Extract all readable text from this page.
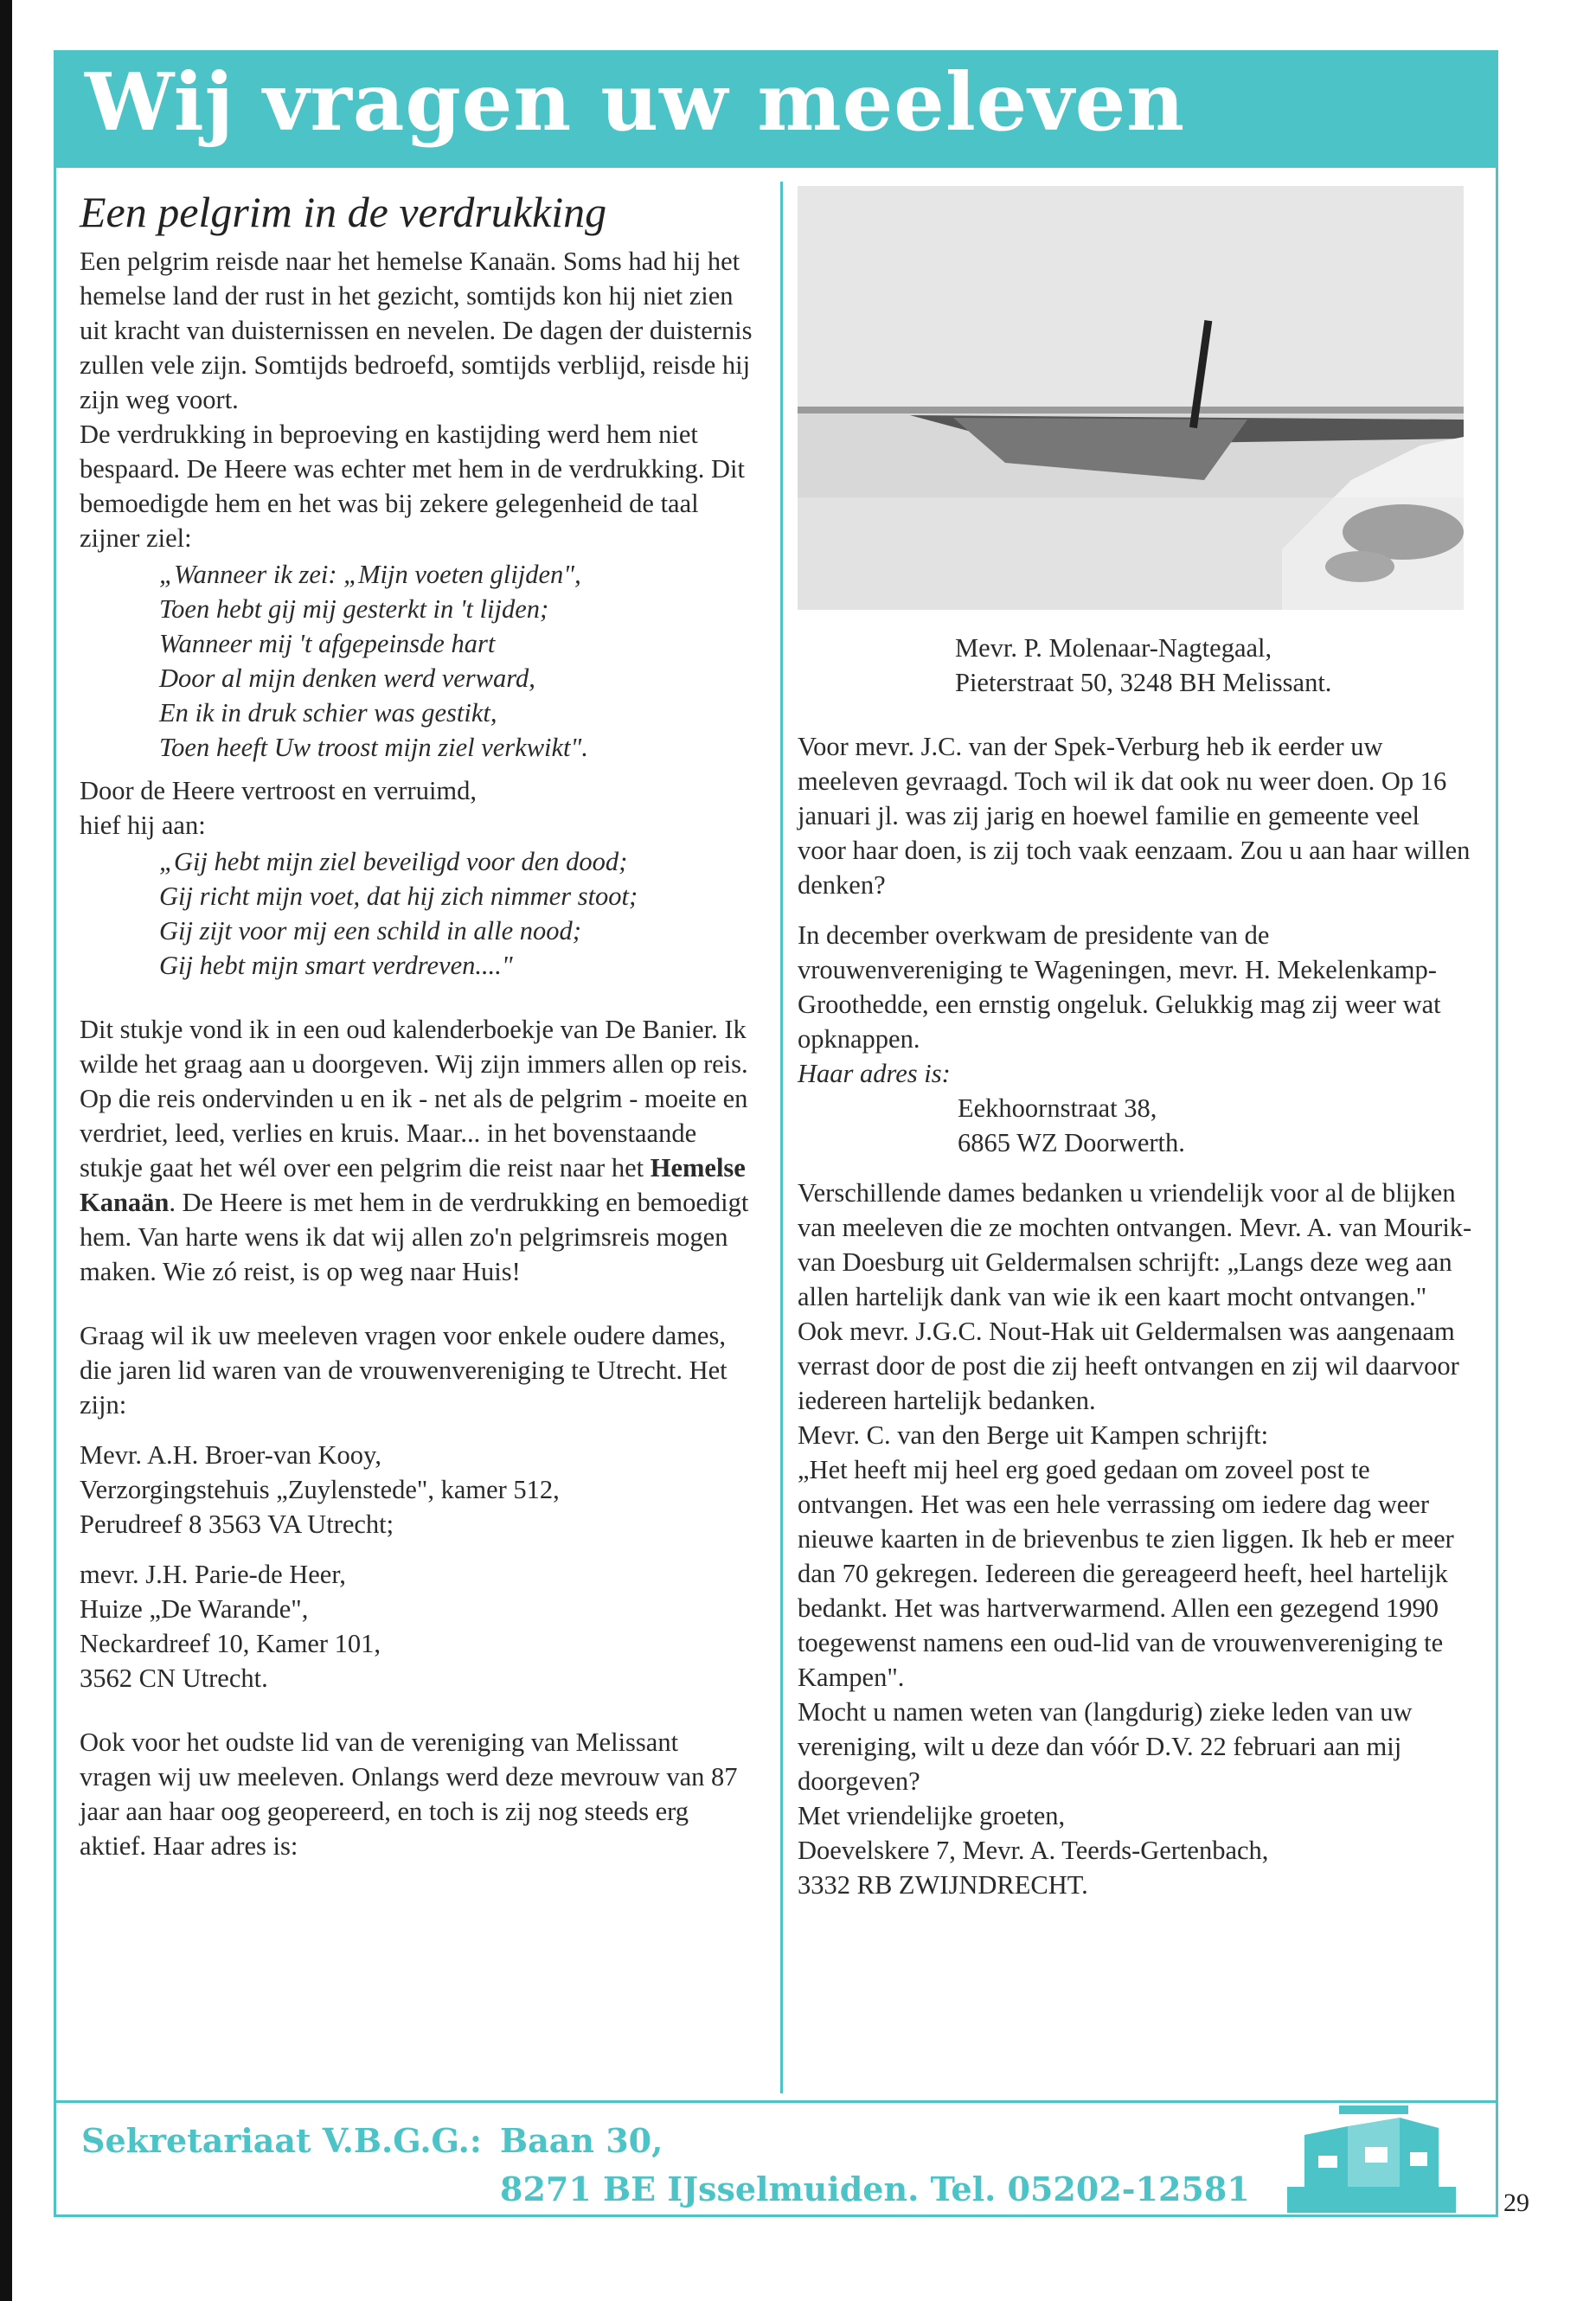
Wij vragen uw meeleven
Een pelgrim in de verdrukking

Een pelgrim reisde naar het hemelse Kanaän. Soms had hij het hemelse land der rust in het gezicht, somtijds kon hij niet zien uit kracht van duisternissen en nevelen. De dagen der duisternis zullen vele zijn. Somtijds bedroefd, somtijds verblijd, reisde hij zijn weg voort.

De verdrukking in beproeving en kastijding werd hem niet bespaard. De Heere was echter met hem in de verdrukking. Dit bemoedigde hem en het was bij zekere gelegenheid de taal zijner ziel:

„Wanneer ik zei: „Mijn voeten glijden",
Toen hebt gij mij gesterkt in 't lijden;
Wanneer mij 't afgepeinsde hart
Door al mijn denken werd verward,
En ik in druk schier was gestikt,
Toen heeft Uw troost mijn ziel verkwikt".

Door de Heere vertroost en verruimd,

hief hij aan:

„Gij hebt mijn ziel beveiligd voor den dood;
Gij richt mijn voet, dat hij zich nimmer stoot;
Gij zijt voor mij een schild in alle nood;
Gij hebt mijn smart verdreven...."

Dit stukje vond ik in een oud kalenderboekje van De Banier. Ik wilde het graag aan u doorgeven. Wij zijn immers allen op reis. Op die reis ondervinden u en ik - net als de pelgrim - moeite en verdriet, leed, verlies en kruis. Maar... in het bovenstaande stukje gaat het wél over een pelgrim die reist naar het Hemelse Kanaän. De Heere is met hem in de verdrukking en bemoedigt hem. Van harte wens ik dat wij allen zo'n pelgrimsreis mogen maken. Wie zó reist, is op weg naar Huis!

Graag wil ik uw meeleven vragen voor enkele oudere dames, die jaren lid waren van de vrouwenvereniging te Utrecht. Het zijn:

Mevr. A.H. Broer-van Kooy,
Verzorgingstehuis „Zuylenstede", kamer 512,
Perudreef 8 3563 VA Utrecht;
mevr. J.H. Parie-de Heer,
Huize „De Warande",
Neckardreef 10, Kamer 101,
3562 CN Utrecht.

Ook voor het oudste lid van de vereniging van Melissant vragen wij uw meeleven. Onlangs werd deze mevrouw van 87 jaar aan haar oog geopereerd, en toch is zij nog steeds erg aktief. Haar adres is:

Mevr. P. Molenaar-Nagtegaal,
Pieterstraat 50, 3248 BH Melissant.

Voor mevr. J.C. van der Spek-Verburg heb ik eerder uw meeleven gevraagd. Toch wil ik dat ook nu weer doen. Op 16 januari jl. was zij jarig en hoewel familie en gemeente veel voor haar doen, is zij toch vaak eenzaam. Zou u aan haar willen denken?

In december overkwam de presidente van de vrouwenvereniging te Wageningen, mevr. H. Mekelenkamp-Groothedde, een ernstig ongeluk. Gelukkig mag zij weer wat opknappen.

Haar adres is:

Eekhoornstraat 38,
6865 WZ Doorwerth.

Verschillende dames bedanken u vriendelijk voor al de blijken van meeleven die ze mochten ontvangen. Mevr. A. van Mourik-van Doesburg uit Geldermalsen schrijft: „Langs deze weg aan allen hartelijk dank van wie ik een kaart mocht ontvangen."

Ook mevr. J.G.C. Nout-Hak uit Geldermalsen was aangenaam verrast door de post die zij heeft ontvangen en zij wil daarvoor iedereen hartelijk bedanken.

Mevr. C. van den Berge uit Kampen schrijft:

„Het heeft mij heel erg goed gedaan om zoveel post te ontvangen. Het was een hele verrassing om iedere dag weer nieuwe kaarten in de brievenbus te zien liggen. Ik heb er meer dan 70 gekregen. Iedereen die gereageerd heeft, heel hartelijk bedankt. Het was hartverwarmend. Allen een gezegend 1990 toegewenst namens een oud-lid van de vrouwenvereniging te Kampen".

Mocht u namen weten van (langdurig) zieke leden van uw vereniging, wilt u deze dan vóór D.V. 22 februari aan mij doorgeven?

Met vriendelijke groeten,
Doevelskere 7, Mevr. A. Teerds-Gertenbach,
3332 RB ZWIJNDRECHT.
Sekretariaat V.B.G.G.: Baan 30,
8271 BE IJsselmuiden. Tel. 05202-12581	29
